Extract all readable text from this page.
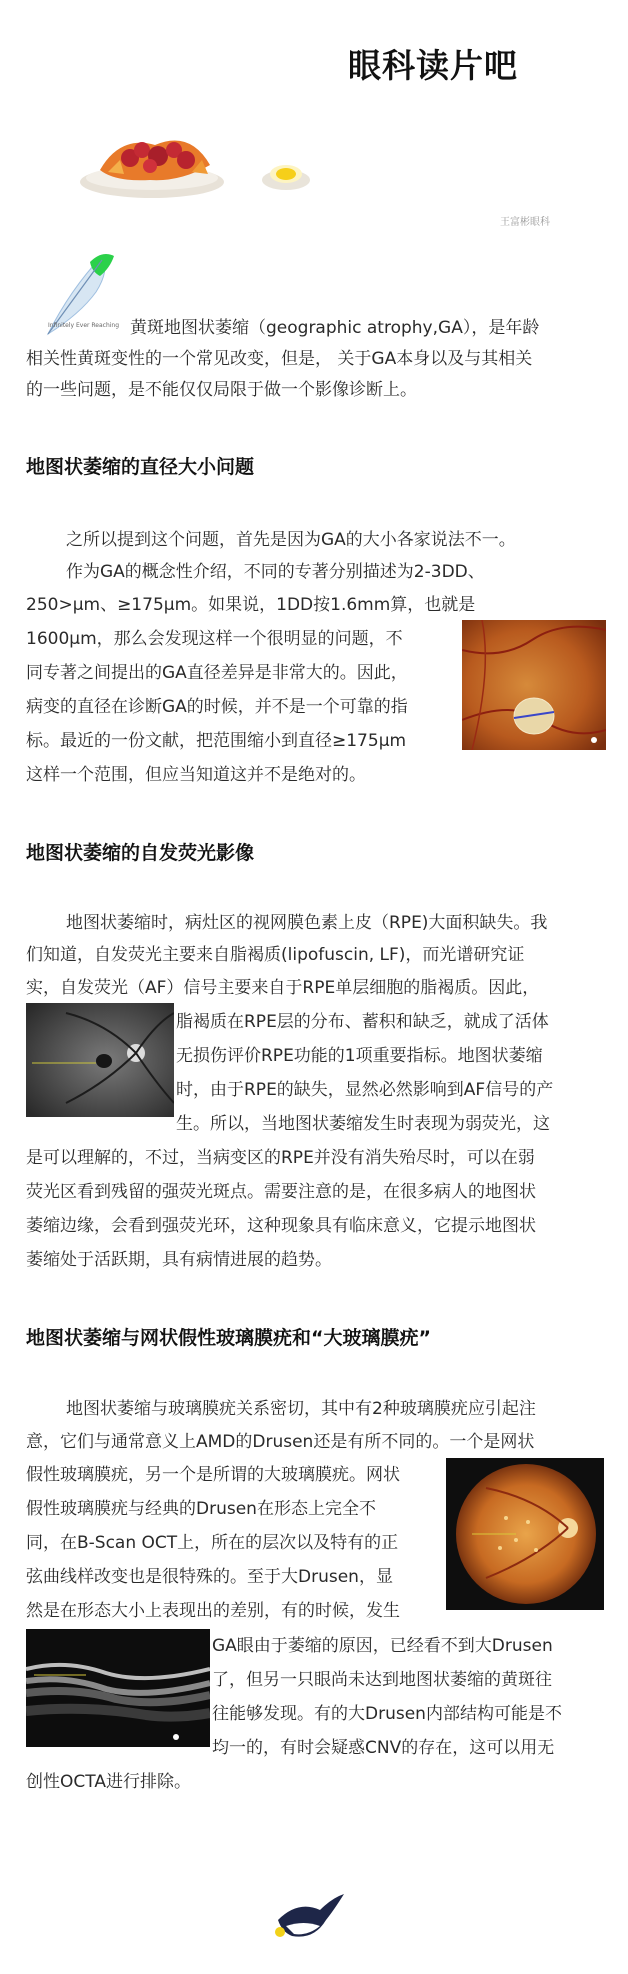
眼科读片吧
王富彬眼科
Infinitely Ever Reaching 黄斑地图状萎缩（geographic atrophy,GA），是年龄
相关性黄斑变性的一个常见改变，但是， 关于GA本身以及与其相关
的一些问题，是不能仅仅局限于做一个影像诊断上。
地图状萎缩的直径大小问题
之所以提到这个问题，首先是因为GA的大小各家说法不一。
作为GA的概念性介绍，不同的专著分别描述为2-3DD、
250>μm、≥175μm。如果说，1DD按1.6mm算，也就是
1600μm，那么会发现这样一个很明显的问题，不
同专著之间提出的GA直径差异是非常大的。因此，
病变的直径在诊断GA的时候，并不是一个可靠的指
标。最近的一份文献，把范围缩小到直径≥175μm
这样一个范围，但应当知道这并不是绝对的。
地图状萎缩的自发荧光影像
地图状萎缩时，病灶区的视网膜色素上皮（RPE)大面积缺失。我
们知道，自发荧光主要来自脂褐质(lipofuscin, LF)，而光谱研究证
实，自发荧光（AF）信号主要来自于RPE单层细胞的脂褐质。因此，
脂褐质在RPE层的分布、蓄积和缺乏，就成了活体
无损伤评价RPE功能的1项重要指标。地图状萎缩
时，由于RPE的缺失，显然必然影响到AF信号的产
生。所以，当地图状萎缩发生时表现为弱荧光，这
是可以理解的，不过，当病变区的RPE并没有消失殆尽时，可以在弱
荧光区看到残留的强荧光斑点。需要注意的是，在很多病人的地图状
萎缩边缘，会看到强荧光环，这种现象具有临床意义，它提示地图状
萎缩处于活跃期，具有病情进展的趋势。
地图状萎缩与网状假性玻璃膜疣和“大玻璃膜疣”
地图状萎缩与玻璃膜疣关系密切，其中有2种玻璃膜疣应引起注
意，它们与通常意义上AMD的Drusen还是有所不同的。一个是网状
假性玻璃膜疣，另一个是所谓的大玻璃膜疣。网状
假性玻璃膜疣与经典的Drusen在形态上完全不
同，在B-Scan OCT上，所在的层次以及特有的正
弦曲线样改变也是很特殊的。至于大Drusen，显
然是在形态大小上表现出的差别，有的时候，发生
GA眼由于萎缩的原因，已经看不到大Drusen
了，但另一只眼尚未达到地图状萎缩的黄斑往
往能够发现。有的大Drusen内部结构可能是不
均一的，有时会疑惑CNV的存在，这可以用无
创性OCTA进行排除。
